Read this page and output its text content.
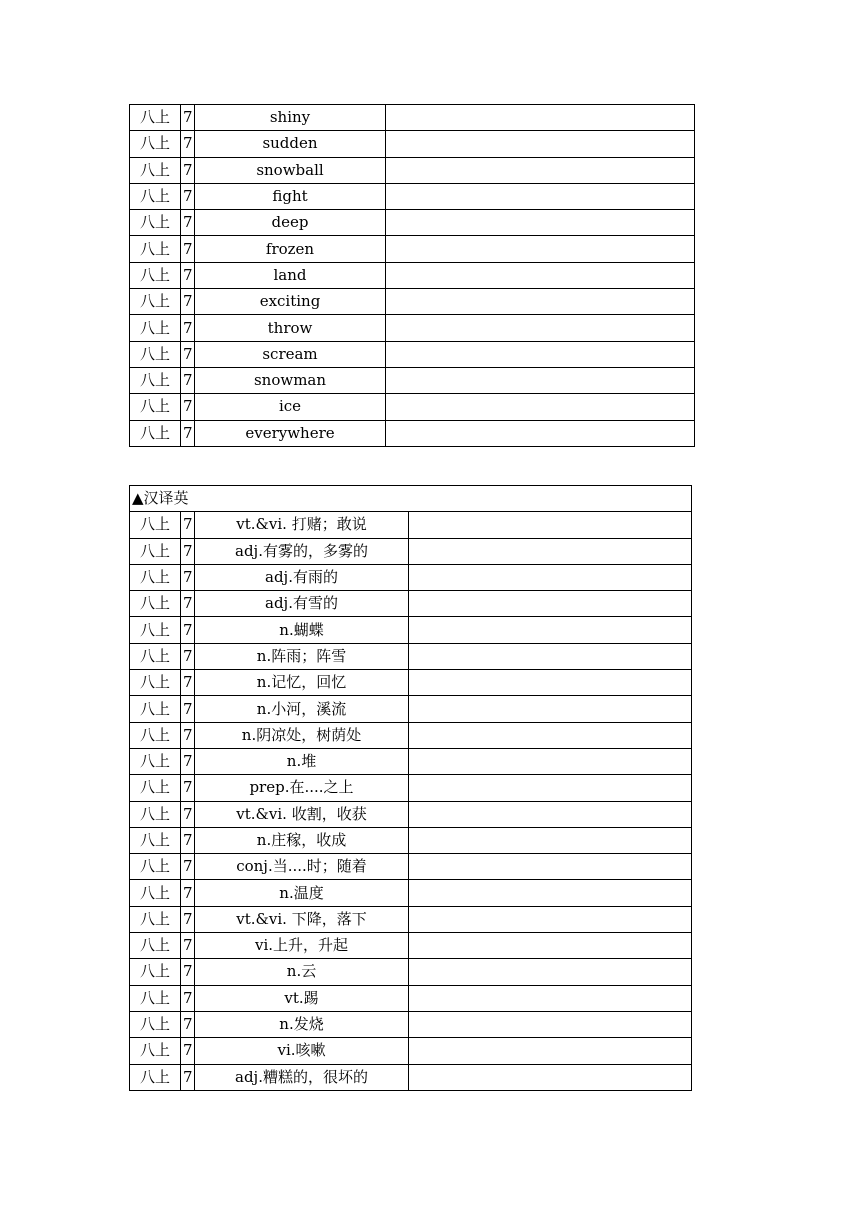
八上	7	shiny	
八上	7	sudden	
八上	7	snowball	
八上	7	fight	
八上	7	deep	
八上	7	frozen	
八上	7	land	
八上	7	exciting	
八上	7	throw	
八上	7	scream	
八上	7	snowman	
八上	7	ice	
八上	7	everywhere	
▲汉译英			
八上	7	vt.&vi. 打赌；敢说	
八上	7	adj.有雾的，多雾的	
八上	7	adj.有雨的	
八上	7	adj.有雪的	
八上	7	n.蝴蝶	
八上	7	n.阵雨；阵雪	
八上	7	n.记忆，回忆	
八上	7	n.小河，溪流	
八上	7	n.阴凉处，树荫处	
八上	7	n.堆	
八上	7	prep.在....之上	
八上	7	vt.&vi. 收割，收获	
八上	7	n.庄稼，收成	
八上	7	conj.当....时；随着	
八上	7	n.温度	
八上	7	vt.&vi. 下降，落下	
八上	7	vi.上升，升起	
八上	7	n.云	
八上	7	vt.踢	
八上	7	n.发烧	
八上	7	vi.咳嗽	
八上	7	adj.糟糕的，很坏的	
